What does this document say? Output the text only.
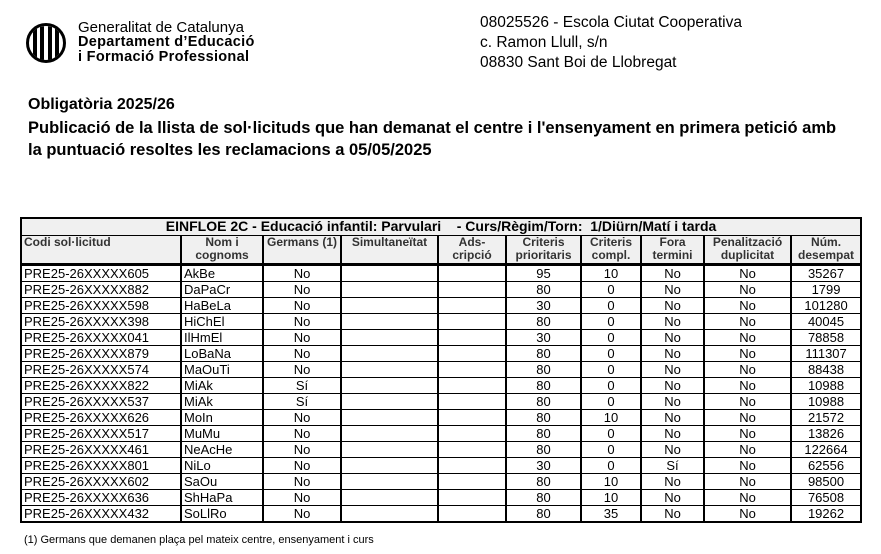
Generalitat de Catalunya
Departament d’Educació
i Formació Professional
08025526 - Escola Ciutat Cooperativa
c. Ramon Llull, s/n
08830 Sant Boi de Llobregat
Obligatòria 2025/26
Publicació de la llista de sol·licituds que han demanat el centre i l'ensenyament en primera petició amb la puntuació resoltes les reclamacions a 05/05/2025
EINFLOE 2C - Educació infantil: Parvulari    - Curs/Règim/Torn:  1/Diürn/Matí i tarda									
Codi sol·licitud	Nom i cognoms	Germans (1)	Simultaneïtat	Ads-cripció	Criteris prioritaris	Criteris compl.	Fora termini	Penalització duplicitat	Núm. desempat
PRE25-26XXXXX605	AkBe	No			95	10	No	No	35267
PRE25-26XXXXX882	DaPaCr	No			80	0	No	No	1799
PRE25-26XXXXX598	HaBeLa	No			30	0	No	No	101280
PRE25-26XXXXX398	HiChEl	No			80	0	No	No	40045
PRE25-26XXXXX041	IlHmEl	No			30	0	No	No	78858
PRE25-26XXXXX879	LoBaNa	No			80	0	No	No	111307
PRE25-26XXXXX574	MaOuTi	No			80	0	No	No	88438
PRE25-26XXXXX822	MiAk	Sí			80	0	No	No	10988
PRE25-26XXXXX537	MiAk	Sí			80	0	No	No	10988
PRE25-26XXXXX626	MoIn	No			80	10	No	No	21572
PRE25-26XXXXX517	MuMu	No			80	0	No	No	13826
PRE25-26XXXXX461	NeAcHe	No			80	0	No	No	122664
PRE25-26XXXXX801	NiLo	No			30	0	Sí	No	62556
PRE25-26XXXXX602	SaOu	No			80	10	No	No	98500
PRE25-26XXXXX636	ShHaPa	No			80	10	No	No	76508
PRE25-26XXXXX432	SoLlRo	No			80	35	No	No	19262
(1) Germans que demanen plaça pel mateix centre, ensenyament i curs
